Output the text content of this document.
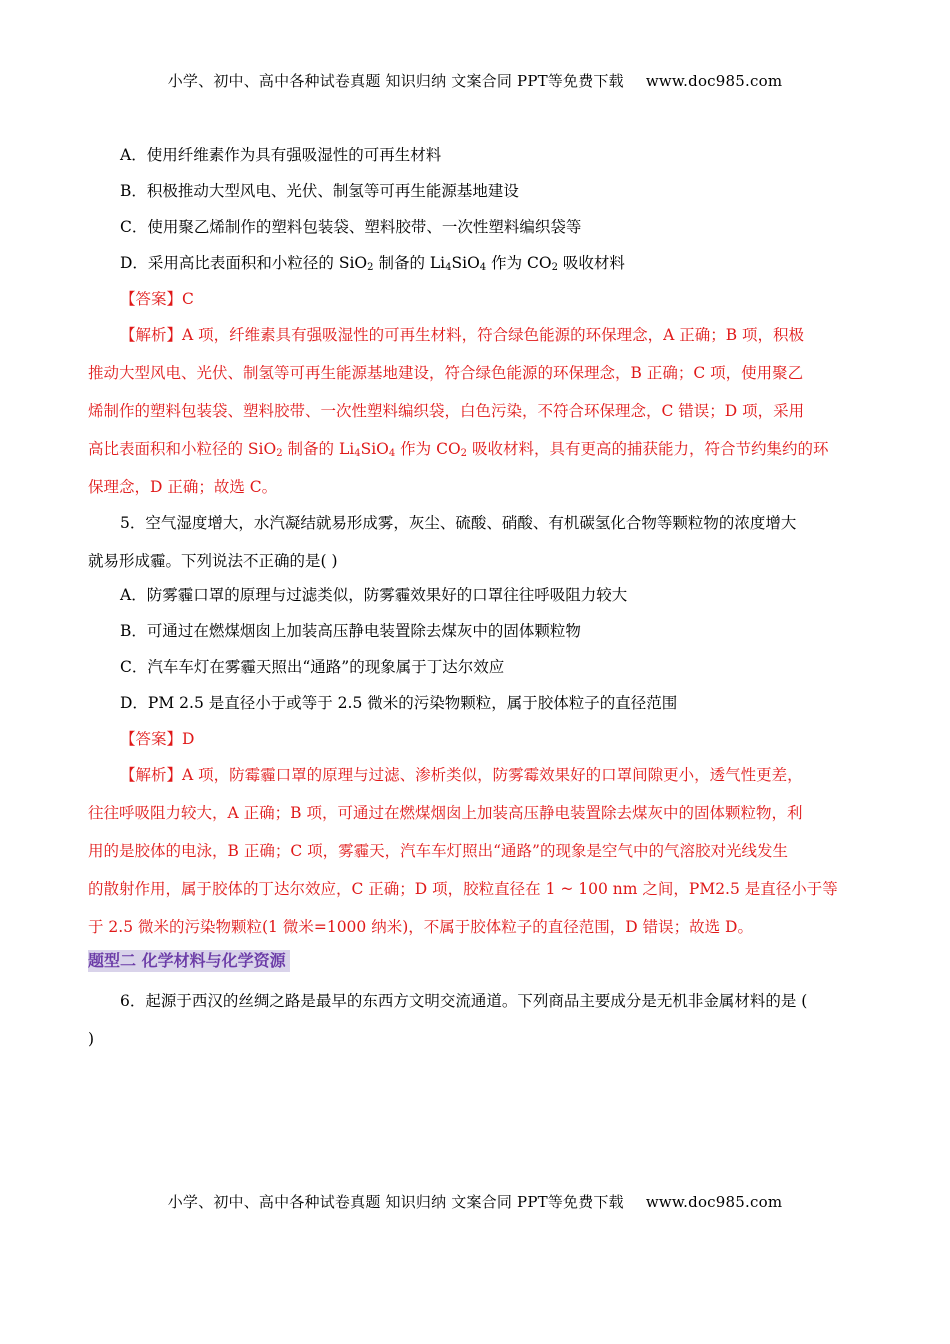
小学、初中、高中各种试卷真题 知识归纳 文案合同 PPT等免费下载 www.doc985.com
A．使用纤维素作为具有强吸湿性的可再生材料
B．积极推动大型风电、光伏、制氢等可再生能源基地建设
C．使用聚乙烯制作的塑料包装袋、塑料胶带、一次性塑料编织袋等
D．采用高比表面积和小粒径的 SiO$_2$ 制备的 $Li_4SiO_4$ 作为 $CO_2$ 吸收材料
【答案】C
【解析】A 项，纤维素具有强吸湿性的可再生材料，符合绿色能源的环保理念，A 正确；B 项，积极
推动大型风电、光伏、制氢等可再生能源基地建设，符合绿色能源的环保理念，B 正确；C 项，使用聚乙
烯制作的塑料包装袋、塑料胶带、一次性塑料编织袋，白色污染，不符合环保理念，C 错误；D 项，采用
高比表面积和小粒径的 SiO$_2$ 制备的 $Li_4SiO_4$ 作为 $CO_2$ 吸收材料，具有更高的捕获能力，符合节约集约的环
保理念，D 正确；故选 C。
5．空气湿度增大，水汽凝结就易形成雾，灰尘、硫酸、硝酸、有机碳氢化合物等颗粒物的浓度增大
就易形成霾。下列说法不正确的是( )
A．防雾霾口罩的原理与过滤类似，防雾霾效果好的口罩往往呼吸阻力较大
B．可通过在燃煤烟囱上加装高压静电装置除去煤灰中的固体颗粒物
C．汽车车灯在雾霾天照出“通路”的现象属于丁达尔效应
D．PM 2.5 是直径小于或等于 2.5 微米的污染物颗粒，属于胶体粒子的直径范围
【答案】D
【解析】A 项，防霉霾口罩的原理与过滤、渗析类似，防雾霉效果好的口罩间隙更小，透气性更差，
往往呼吸阻力较大，A 正确；B 项，可通过在燃煤烟囱上加装高压静电装置除去煤灰中的固体颗粒物，利
用的是胶体的电泳，B 正确；C 项，雾霾天，汽车车灯照出“通路”的现象是空气中的气溶胶对光线发生
的散射作用，属于胶体的丁达尔效应，C 正确；D 项，胶粒直径在 1 ~ 100 nm 之间，PM2.5 是直径小于等
于 2.5 微米的污染物颗粒(1 微米=1000 纳米)，不属于胶体粒子的直径范围，D 错误；故选 D。
题型二 化学材料与化学资源
6．起源于西汉的丝绸之路是最早的东西方文明交流通道。下列商品主要成分是无机非金属材料的是 (
)
小学、初中、高中各种试卷真题 知识归纳 文案合同 PPT等免费下载 www.doc985.com
